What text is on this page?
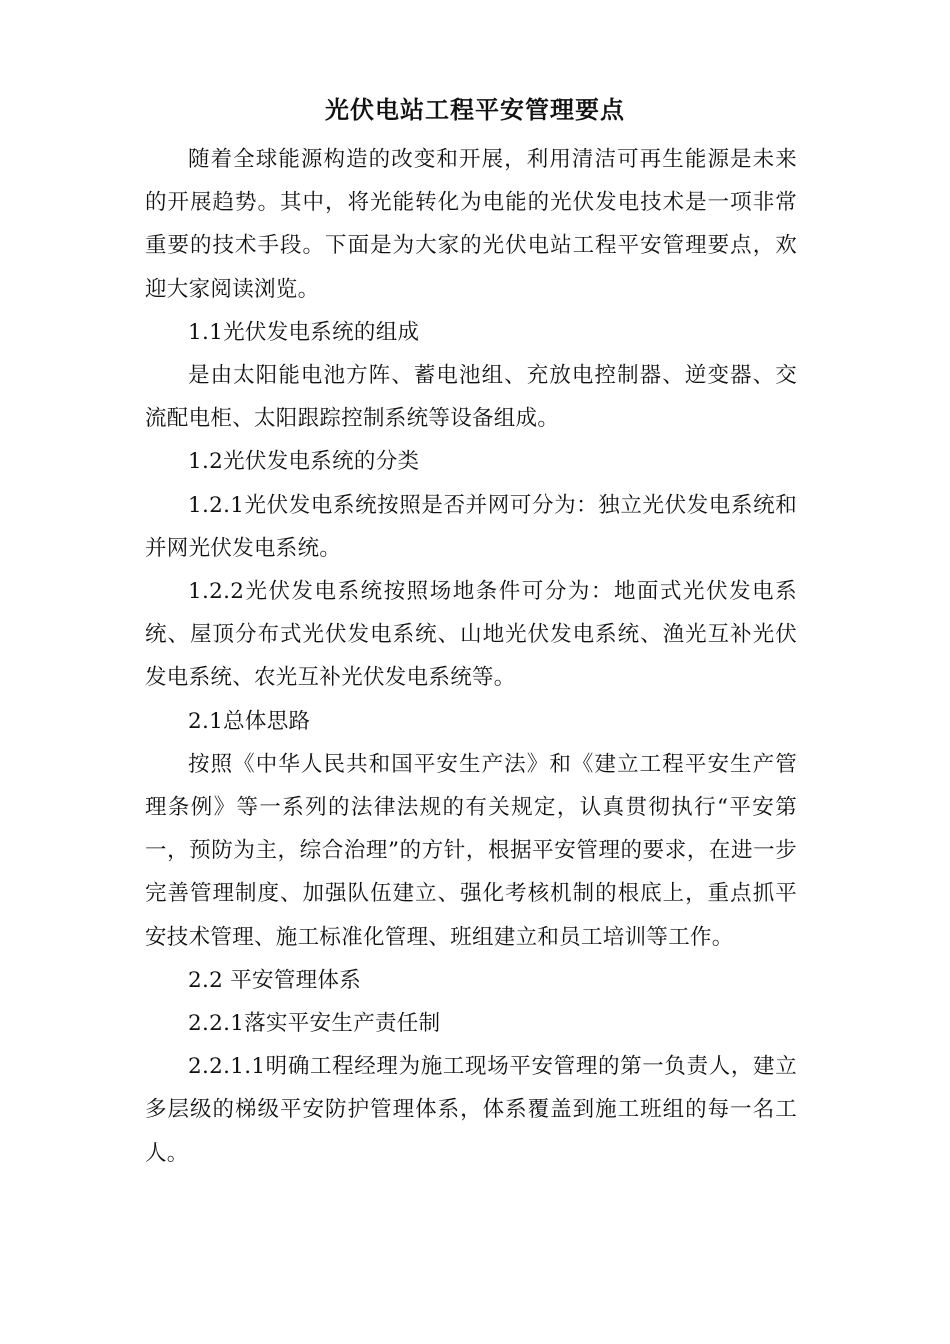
光伏电站工程平安管理要点

随着全球能源构造的改变和开展，利用清洁可再生能源是未来的开展趋势。其中，将光能转化为电能的光伏发电技术是一项非常重要的技术手段。下面是为大家的光伏电站工程平安管理要点，欢迎大家阅读浏览。

1.1光伏发电系统的组成

是由太阳能电池方阵、蓄电池组、充放电控制器、逆变器、交流配电柜、太阳跟踪控制系统等设备组成。

1.2光伏发电系统的分类

1.2.1光伏发电系统按照是否并网可分为：独立光伏发电系统和并网光伏发电系统。

1.2.2光伏发电系统按照场地条件可分为：地面式光伏发电系统、屋顶分布式光伏发电系统、山地光伏发电系统、渔光互补光伏发电系统、农光互补光伏发电系统等。

2.1总体思路

按照《中华人民共和国平安生产法》和《建立工程平安生产管理条例》等一系列的法律法规的有关规定，认真贯彻执行“平安第一，预防为主，综合治理”的方针，根据平安管理的要求，在进一步完善管理制度、加强队伍建立、强化考核机制的根底上，重点抓平安技术管理、施工标准化管理、班组建立和员工培训等工作。

2.2 平安管理体系

2.2.1落实平安生产责任制

2.2.1.1明确工程经理为施工现场平安管理的第一负责人，建立多层级的梯级平安防护管理体系，体系覆盖到施工班组的每一名工人。
